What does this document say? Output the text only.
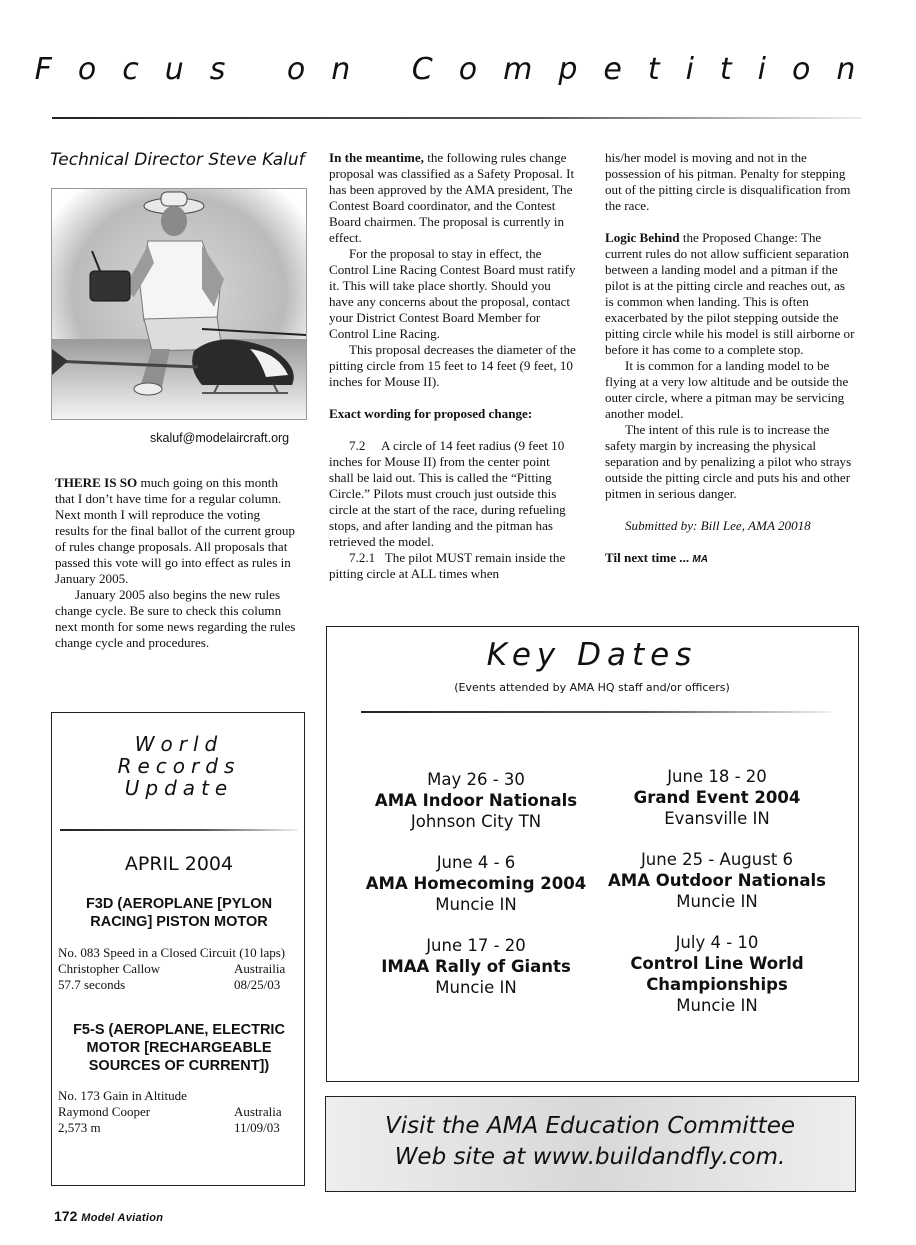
Focus on Competition
Technical Director Steve Kaluf
skaluf@modelaircraft.org
THERE IS SO much going on this month that I don’t have time for a regular column. Next month I will reproduce the voting results for the final ballot of the current group of rules change proposals. All proposals that passed this vote will go into effect as rules in January 2005.
January 2005 also begins the new rules change cycle. Be sure to check this column next month for some news regarding the rules change cycle and procedures.
In the meantime, the following rules change proposal was classified as a Safety Proposal. It has been approved by the AMA president, The Contest Board coordinator, and the Contest Board chairmen. The proposal is currently in effect.
For the proposal to stay in effect, the Control Line Racing Contest Board must ratify it. This will take place shortly. Should you have any concerns about the proposal, contact your District Contest Board Member for Control Line Racing.
This proposal decreases the diameter of the pitting circle from 15 feet to 14 feet (9 feet, 10 inches for Mouse II).
Exact wording for proposed change:
7.2     A circle of 14 feet radius (9 feet 10 inches for Mouse II) from the center point shall be laid out. This is called the “Pitting Circle.” Pilots must crouch just outside this circle at the start of the race, during refueling stops, and after landing and the pitman has retrieved the model.
7.2.1   The pilot MUST remain inside the pitting circle at ALL times when
his/her model is moving and not in the possession of his pitman. Penalty for stepping out of the pitting circle is disqualification from the race.
Logic Behind the Proposed Change: The current rules do not allow sufficient separation between a landing model and a pitman if the pilot is at the pitting circle and reaches out, as is common when landing. This is often exacerbated by the pilot stepping outside the pitting circle while his model is still airborne or before it has come to a complete stop.
It is common for a landing model to be flying at a very low altitude and be outside the outer circle, where a pitman may be servicing another model.
The intent of this rule is to increase the safety margin by increasing the physical separation and by penalizing a pilot who strays outside the pitting circle and puts his and other pitmen in serious danger.
Submitted by: Bill Lee, AMA 20018
Til next time ... MA
World
Records
Update
APRIL 2004
F3D (AEROPLANE [PYLON RACING] PISTON MOTOR
No. 083 Speed in a Closed Circuit (10 laps)
Christopher Callow	Austrailia
57.7 seconds	08/25/03
F5-S (AEROPLANE, ELECTRIC MOTOR [RECHARGEABLE SOURCES OF CURRENT])
No. 173 Gain in Altitude
Raymond Cooper	Australia
2,573 m	11/09/03
Key Dates
(Events attended by AMA HQ staff and/or officers)
May 26 - 30
AMA Indoor Nationals
Johnson City TN
June 4 - 6
AMA Homecoming 2004
Muncie IN
June 17 - 20
IMAA Rally of Giants
Muncie IN
June 18 - 20
Grand Event 2004
Evansville IN
June 25 - August 6
AMA Outdoor Nationals
Muncie IN
July 4 - 10
Control Line World Championships
Muncie IN
Visit the AMA Education Committee
Web site at www.buildandfly.com.
172 Model Aviation
